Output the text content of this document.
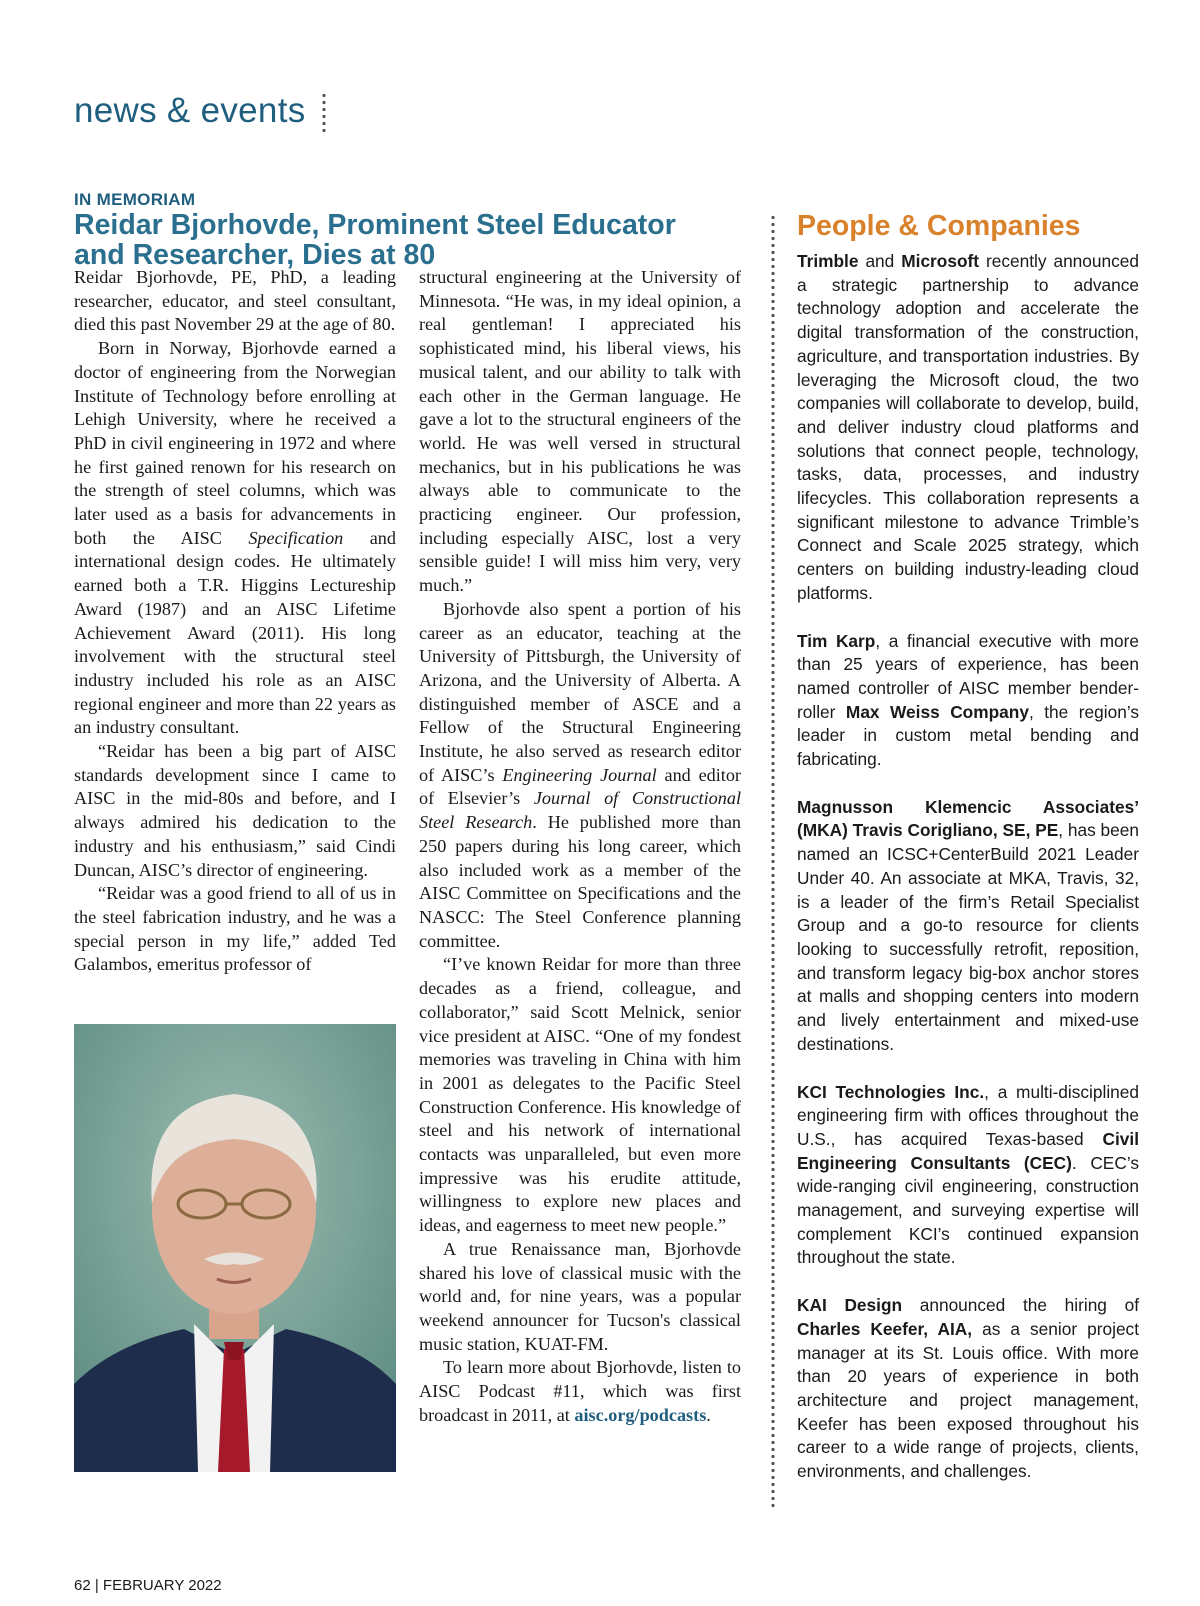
news & events
IN MEMORIAM
Reidar Bjorhovde, Prominent Steel Educator and Researcher, Dies at 80

Reidar Bjorhovde, PE, PhD, a leading researcher, educator, and steel consultant, died this past November 29 at the age of 80.

Born in Norway, Bjorhovde earned a doctor of engineering from the Norwegian Institute of Technology before enrolling at Lehigh University, where he received a PhD in civil engineering in 1972 and where he first gained renown for his research on the strength of steel columns, which was later used as a basis for advancements in both the AISC Specification and international design codes. He ultimately earned both a T.R. Higgins Lectureship Award (1987) and an AISC Lifetime Achievement Award (2011). His long involvement with the structural steel industry included his role as an AISC regional engineer and more than 22 years as an industry consultant.

“Reidar has been a big part of AISC standards development since I came to AISC in the mid-80s and before, and I always admired his dedication to the industry and his enthusiasm,” said Cindi Duncan, AISC’s director of engineering.

“Reidar was a good friend to all of us in the steel fabrication industry, and he was a special person in my life,” added Ted Galambos, emeritus professor of

structural engineering at the University of Minnesota. “He was, in my ideal opinion, a real gentleman! I appreciated his sophisticated mind, his liberal views, his musical talent, and our ability to talk with each other in the German language. He gave a lot to the structural engineers of the world. He was well versed in structural mechanics, but in his publications he was always able to communicate to the practicing engineer. Our profession, including especially AISC, lost a very sensible guide! I will miss him very, very much.”

Bjorhovde also spent a portion of his career as an educator, teaching at the University of Pittsburgh, the University of Arizona, and the University of Alberta. A distinguished member of ASCE and a Fellow of the Structural Engineering Institute, he also served as research editor of AISC’s Engineering Journal and editor of Elsevier’s Journal of Constructional Steel Research. He published more than 250 papers during his long career, which also included work as a member of the AISC Committee on Specifications and the NASCC: The Steel Conference planning committee.

“I’ve known Reidar for more than three decades as a friend, colleague, and collaborator,” said Scott Melnick, senior vice president at AISC. “One of my fondest memories was traveling in China with him in 2001 as delegates to the Pacific Steel Construction Conference. His knowledge of steel and his network of international contacts was unparalleled, but even more impressive was his erudite attitude, willingness to explore new places and ideas, and eagerness to meet new people.”

A true Renaissance man, Bjorhovde shared his love of classical music with the world and, for nine years, was a popular weekend announcer for Tucson's classical music station, KUAT-FM.

To learn more about Bjorhovde, listen to AISC Podcast #11, which was first broadcast in 2011, at aisc.org/podcasts.

People & Companies

Trimble and Microsoft recently announced a strategic partnership to advance technology adoption and accelerate the digital transformation of the construction, agriculture, and transportation industries. By leveraging the Microsoft cloud, the two companies will collaborate to develop, build, and deliver industry cloud platforms and solutions that connect people, technology, tasks, data, processes, and industry lifecycles. This collaboration represents a significant milestone to advance Trimble’s Connect and Scale 2025 strategy, which centers on building industry-leading cloud platforms.

Tim Karp, a financial executive with more than 25 years of experience, has been named controller of AISC member bender-roller Max Weiss Company, the region’s leader in custom metal bending and fabricating.

Magnusson Klemencic Associates’ (MKA) Travis Corigliano, SE, PE, has been named an ICSC+CenterBuild 2021 Leader Under 40. An associate at MKA, Travis, 32, is a leader of the firm’s Retail Specialist Group and a go-to resource for clients looking to successfully retrofit, reposition, and transform legacy big-box anchor stores at malls and shopping centers into modern and lively entertainment and mixed-use destinations.

KCI Technologies Inc., a multi-disciplined engineering firm with offices throughout the U.S., has acquired Texas-based Civil Engineering Consultants (CEC). CEC’s wide-ranging civil engineering, construction management, and surveying expertise will complement KCI’s continued expansion throughout the state.

KAI Design announced the hiring of Charles Keefer, AIA, as a senior project manager at its St. Louis office. With more than 20 years of experience in both architecture and project management, Keefer has been exposed throughout his career to a wide range of projects, clients, environments, and challenges.

62 | FEBRUARY 2022
